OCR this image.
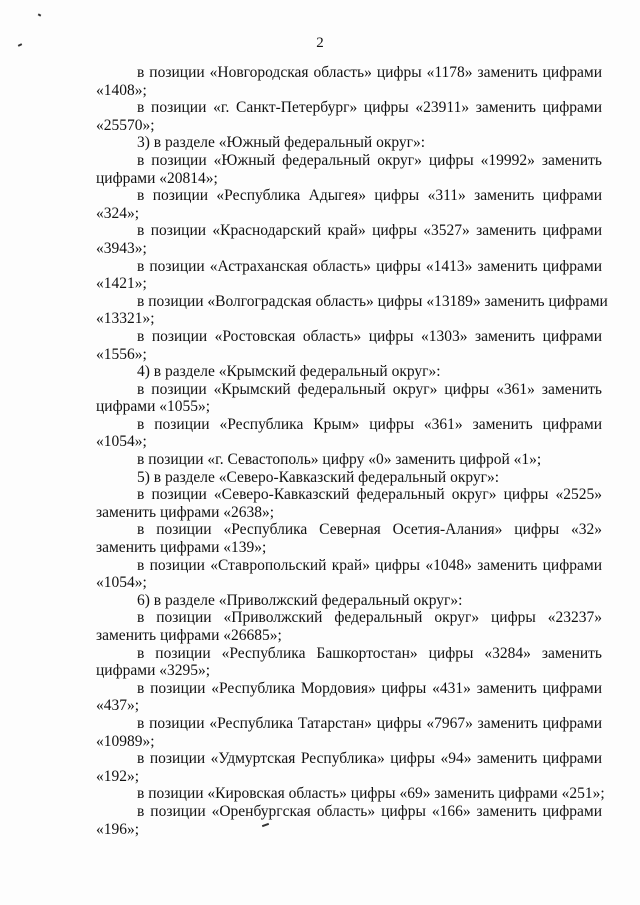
2
в позиции «Новгородская область» цифры «1178» заменить цифрами
«1408»;
в позиции «г. Санкт-Петербург» цифры «23911» заменить цифрами
«25570»;
3) в разделе «Южный федеральный округ»:
в позиции «Южный федеральный округ» цифры «19992» заменить
цифрами «20814»;
в позиции «Республика Адыгея» цифры «311» заменить цифрами
«324»;
в позиции «Краснодарский край» цифры «3527» заменить цифрами
«3943»;
в позиции «Астраханская область» цифры «1413» заменить цифрами
«1421»;
в позиции «Волгоградская область» цифры «13189» заменить цифрами
«13321»;
в позиции «Ростовская область» цифры «1303» заменить цифрами
«1556»;
4) в разделе «Крымский федеральный округ»:
в позиции «Крымский федеральный округ» цифры «361» заменить
цифрами «1055»;
в позиции «Республика Крым» цифры «361» заменить цифрами
«1054»;
в позиции «г. Севастополь» цифру «0» заменить цифрой «1»;
5) в разделе «Северо-Кавказский федеральный округ»:
в позиции «Северо-Кавказский федеральный округ» цифры «2525»
заменить цифрами «2638»;
в позиции «Республика Северная Осетия-Алания» цифры «32»
заменить цифрами «139»;
в позиции «Ставропольский край» цифры «1048» заменить цифрами
«1054»;
6) в разделе «Приволжский федеральный округ»:
в позиции «Приволжский федеральный округ» цифры «23237»
заменить цифрами «26685»;
в позиции «Республика Башкортостан» цифры «3284» заменить
цифрами «3295»;
в позиции «Республика Мордовия» цифры «431» заменить цифрами
«437»;
в позиции «Республика Татарстан» цифры «7967» заменить цифрами
«10989»;
в позиции «Удмуртская Республика» цифры «94» заменить цифрами
«192»;
в позиции «Кировская область» цифры «69» заменить цифрами «251»;
в позиции «Оренбургская область» цифры «166» заменить цифрами
«196»;
